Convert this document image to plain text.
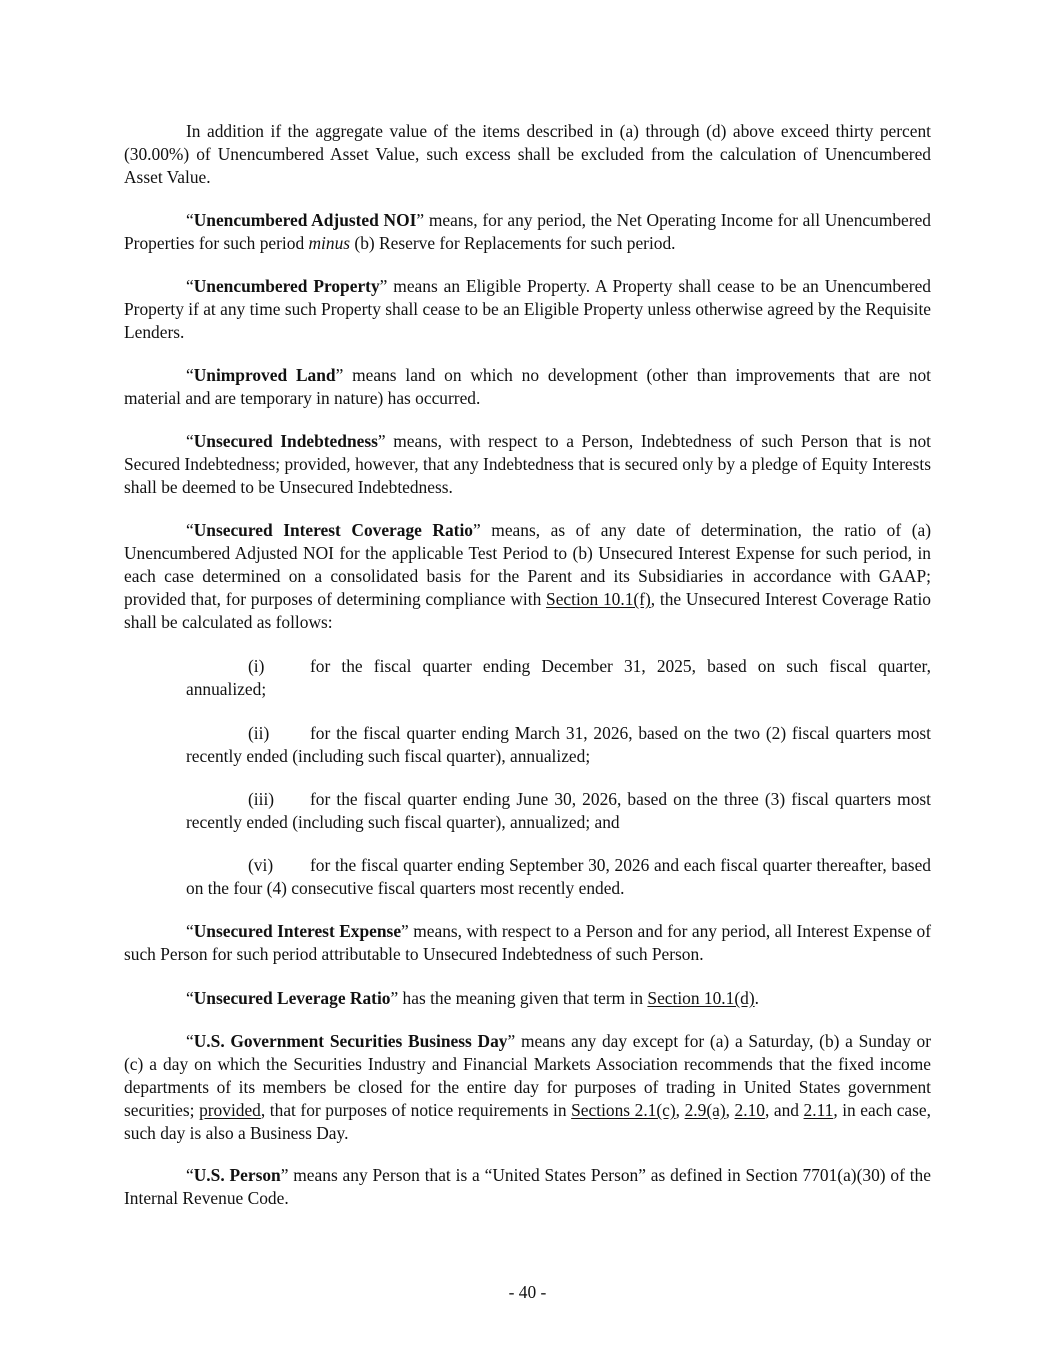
In addition if the aggregate value of the items described in (a) through (d) above exceed thirty percent (30.00%) of Unencumbered Asset Value, such excess shall be excluded from the calculation of Unencumbered Asset Value.

“Unencumbered Adjusted NOI” means, for any period, the Net Operating Income for all Unencumbered Properties for such period minus (b) Reserve for Replacements for such period.

“Unencumbered Property” means an Eligible Property. A Property shall cease to be an Unencumbered Property if at any time such Property shall cease to be an Eligible Property unless otherwise agreed by the Requisite Lenders.

“Unimproved Land” means land on which no development (other than improvements that are not material and are temporary in nature) has occurred.

“Unsecured Indebtedness” means, with respect to a Person, Indebtedness of such Person that is not Secured Indebtedness; provided, however, that any Indebtedness that is secured only by a pledge of Equity Interests shall be deemed to be Unsecured Indebtedness.

“Unsecured Interest Coverage Ratio” means, as of any date of determination, the ratio of (a) Unencumbered Adjusted NOI for the applicable Test Period to (b) Unsecured Interest Expense for such period, in each case determined on a consolidated basis for the Parent and its Subsidiaries in accordance with GAAP; provided that, for purposes of determining compliance with Section 10.1(f), the Unsecured Interest Coverage Ratio shall be calculated as follows:

(i)	for the fiscal quarter ending December 31, 2025, based on such fiscal quarter, annualized;

(ii) for the fiscal quarter ending March 31, 2026, based on the two (2) fiscal quarters most recently ended (including such fiscal quarter), annualized;

(iii) for the fiscal quarter ending June 30, 2026, based on the three (3) fiscal quarters most recently ended (including such fiscal quarter), annualized; and

(vi) for the fiscal quarter ending September 30, 2026 and each fiscal quarter thereafter, based on the four (4) consecutive fiscal quarters most recently ended.

“Unsecured Interest Expense” means, with respect to a Person and for any period, all Interest Expense of such Person for such period attributable to Unsecured Indebtedness of such Person.

“Unsecured Leverage Ratio” has the meaning given that term in Section 10.1(d).

“U.S. Government Securities Business Day” means any day except for (a) a Saturday, (b) a Sunday or (c) a day on which the Securities Industry and Financial Markets Association recommends that the fixed income departments of its members be closed for the entire day for purposes of trading in United States government securities; provided, that for purposes of notice requirements in Sections 2.1(c), 2.9(a), 2.10, and 2.11, in each case, such day is also a Business Day.

“U.S. Person” means any Person that is a “United States Person” as defined in Section 7701(a)(30) of the Internal Revenue Code.

- 40 -
